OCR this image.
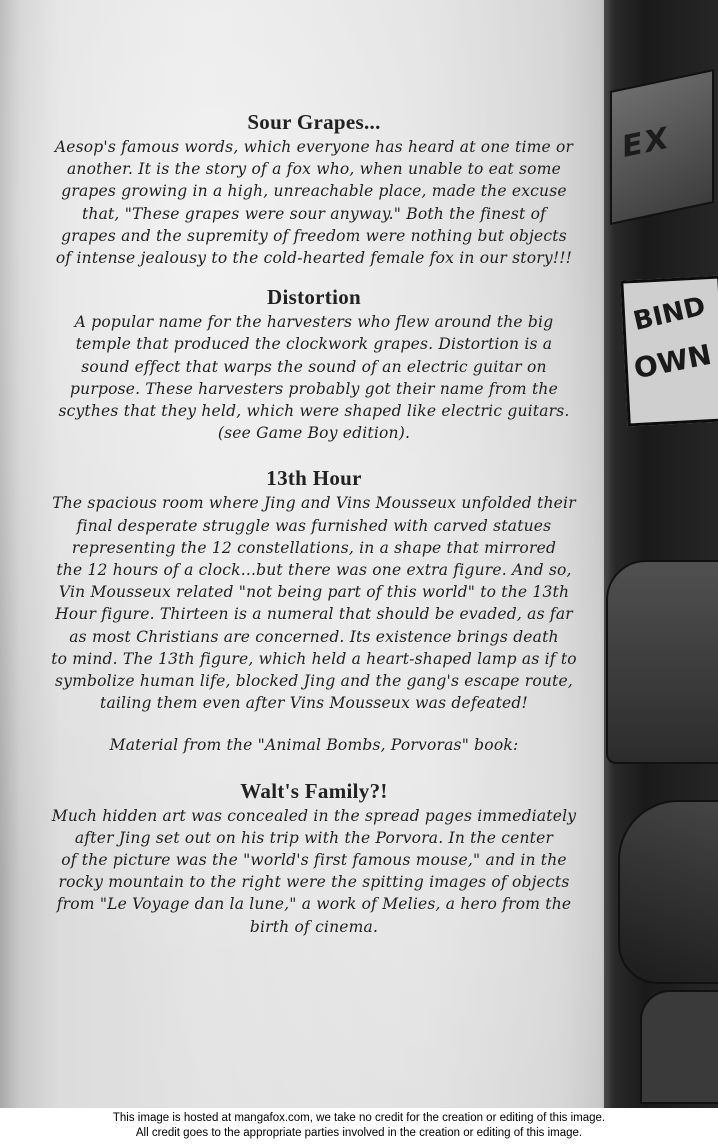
EX
BIND
OWN
Sour Grapes...

Aesop's famous words, which everyone has heard at one time or

another. It is the story of a fox who, when unable to eat some

grapes growing in a high, unreachable place, made the excuse

that, "These grapes were sour anyway." Both the finest of

grapes and the supremity of freedom were nothing but objects

of intense jealousy to the cold-hearted female fox in our story!!!

Distortion

A popular name for the harvesters who flew around the big

temple that produced the clockwork grapes. Distortion is a

sound effect that warps the sound of an electric guitar on

purpose. These harvesters probably got their name from the

scythes that they held, which were shaped like electric guitars.

(see Game Boy edition).

13th Hour

The spacious room where Jing and Vins Mousseux unfolded their

final desperate struggle was furnished with carved statues

representing the 12 constellations, in a shape that mirrored

the 12 hours of a clock...but there was one extra figure. And so,

Vin Mousseux related "not being part of this world" to the 13th

Hour figure. Thirteen is a numeral that should be evaded, as far

as most Christians are concerned. Its existence brings death

to mind. The 13th figure, which held a heart-shaped lamp as if to

symbolize human life, blocked Jing and the gang's escape route,

tailing them even after Vins Mousseux was defeated!

Material from the "Animal Bombs, Porvoras" book:

Walt's Family?!

Much hidden art was concealed in the spread pages immediately

after Jing set out on his trip with the Porvora. In the center

of the picture was the "world's first famous mouse," and in the

rocky mountain to the right were the spitting images of objects

from "Le Voyage dan la lune," a work of Melies, a hero from the

birth of cinema.

This image is hosted at mangafox.com, we take no credit for the creation or editing of this image.

All credit goes to the appropriate parties involved in the creation or editing of this image.
